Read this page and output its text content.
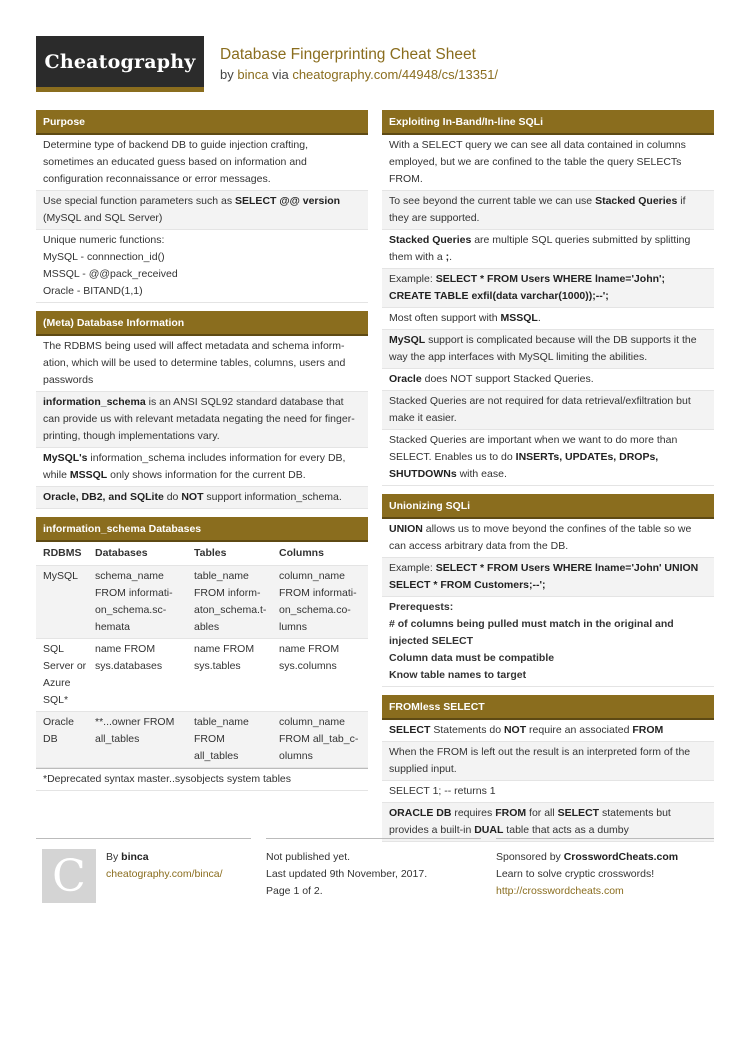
Cheatography	Database Fingerprinting Cheat Sheet
by binca via cheatography.com/44948/cs/13351/
Purpose
Determine type of backend DB to guide injection crafting, sometimes an educated guess based on information and configuration reconnaissance or error messages.
Use special function parameters such as SELECT @@ version (MySQL and SQL Server)
Unique numeric functions:
MySQL - connnection_id()
MSSQL - @@pack_received
Oracle - BITAND(1,1)
(Meta) Database Information
The RDBMS being used will affect metadata and schema information, which will be used to determine tables, columns, users and passwords
information_schema is an ANSI SQL92 standard database that can provide us with relevant metadata negating the need for fingerprinting, though implementations vary.
MySQL's information_schema includes information for every DB, while MSSQL only shows information for the current DB.
Oracle, DB2, and SQLite do NOT support information_schema.
information_schema Databases
RDBMS	Databases	Tables	Columns
MySQL	schema_name FROM information_schema.schemata	table_name FROM informaton_schema.tables	column_name FROM information_schema.columns
SQL Server or Azure SQL*	name FROM sys.databases	name FROM sys.tables	name FROM sys.columns
Oracle DB	**...owner FROM all_tables	table_name FROM all_tables	column_name FROM all_tab_columns
*Deprecated syntax master..sysobjects system tables
Exploiting In-Band/In-line SQLi
With a SELECT query we can see all data contained in columns employed, but we are confined to the table the query SELECTs FROM.
To see beyond the current table we can use Stacked Queries if they are supported.
Stacked Queries are multiple SQL queries submitted by splitting them with a ;.
Example: SELECT * FROM Users WHERE lname='John'; CREATE TABLE exfil(data varchar(1000));--';
Most often support with MSSQL.
MySQL support is complicated because will the DB supports it the way the app interfaces with MySQL limiting the abilities.
Oracle does NOT support Stacked Queries.
Stacked Queries are not required for data retrieval/exfiltration but make it easier.
Stacked Queries are important when we want to do more than SELECT. Enables us to do INSERTs, UPDATEs, DROPs, SHUTDOWNs with ease.
Unionizing SQLi
UNION allows us to move beyond the confines of the table so we can access arbitrary data from the DB.
Example: SELECT * FROM Users WHERE lname='John' UNION SELECT * FROM Customers;--';
Prerequests:
# of columns being pulled must match in the original and injected SELECT
Column data must be compatible
Know table names to target
FROMless SELECT
SELECT Statements do NOT require an associated FROM
When the FROM is left out the result is an interpreted form of the supplied input.
SELECT 1; -- returns 1
ORACLE DB requires FROM for all SELECT statements but provides a built-in DUAL table that acts as a dumby
C	By binca
cheatography.com/binca/
Not published yet.
Last updated 9th November, 2017.
Page 1 of 2.
Sponsored by CrosswordCheats.com
Learn to solve cryptic crosswords!
http://crosswordcheats.com
